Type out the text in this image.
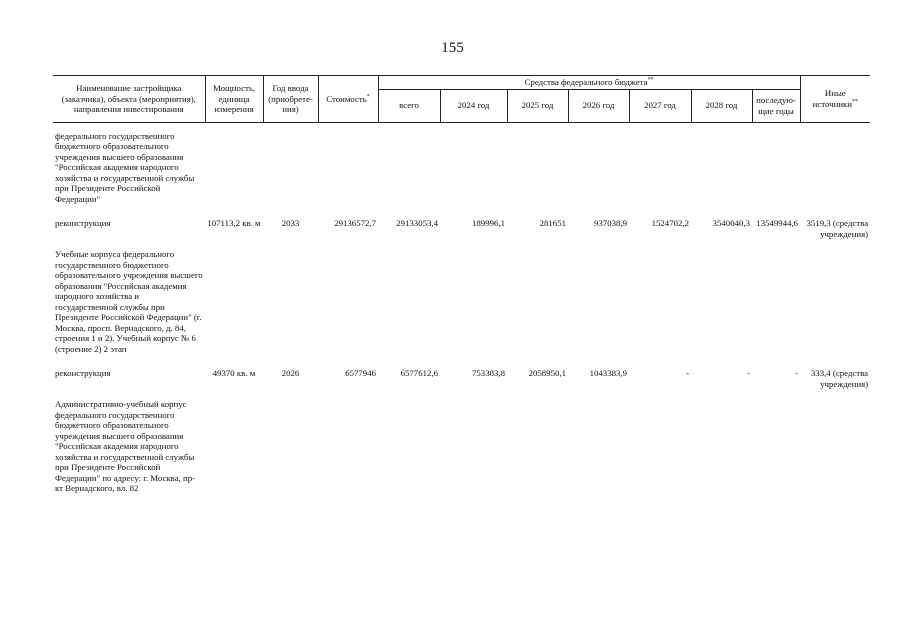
155
Наименование застройщика (заказчика), объекта (мероприятия), направления инвестирования	Мощность, единица измерения	Год ввода (приобрете-ния)	Стоимость*	Средства федерального бюджета**							Иные источники**
				всего	2024 год	2025 год	2026 год	2027 год	2028 год	последую-щие годы	

федерального государственного бюджетного образовательного учреждения высшего образования "Российская академия народного хозяйства и государственной службы при Президенте Российской Федерации"											
реконструкция	107113,2 кв. м	2033	29136572,7	29133053,4	189996,1	281651	937038,9	1524702,2	3540040,3	13549944,6	3519,3 (средства учреждения)
Учебные корпуса федерального государственного бюджетного образовательного учреждения высшего образования "Российская академия народного хозяйства и государственной службы при Президенте Российской Федерации" (г. Москва, просп. Вернадского, д. 84, строения 1 и 2). Учебный корпус № 6 (строение 2) 2 этап											
реконструкция	49370 кв. м	2026	6577946	6577612,6	753383,8	2058950,1	1043383,9	-	-	-	333,4 (средства учреждения)
Административно-учебный корпус федерального государственного бюджетного образовательного учреждения высшего образования "Российская академия народного хозяйства и государственной службы при Президенте Российской Федерации" по адресу: г. Москва, пр-кт Вернадского, вл. 82											
